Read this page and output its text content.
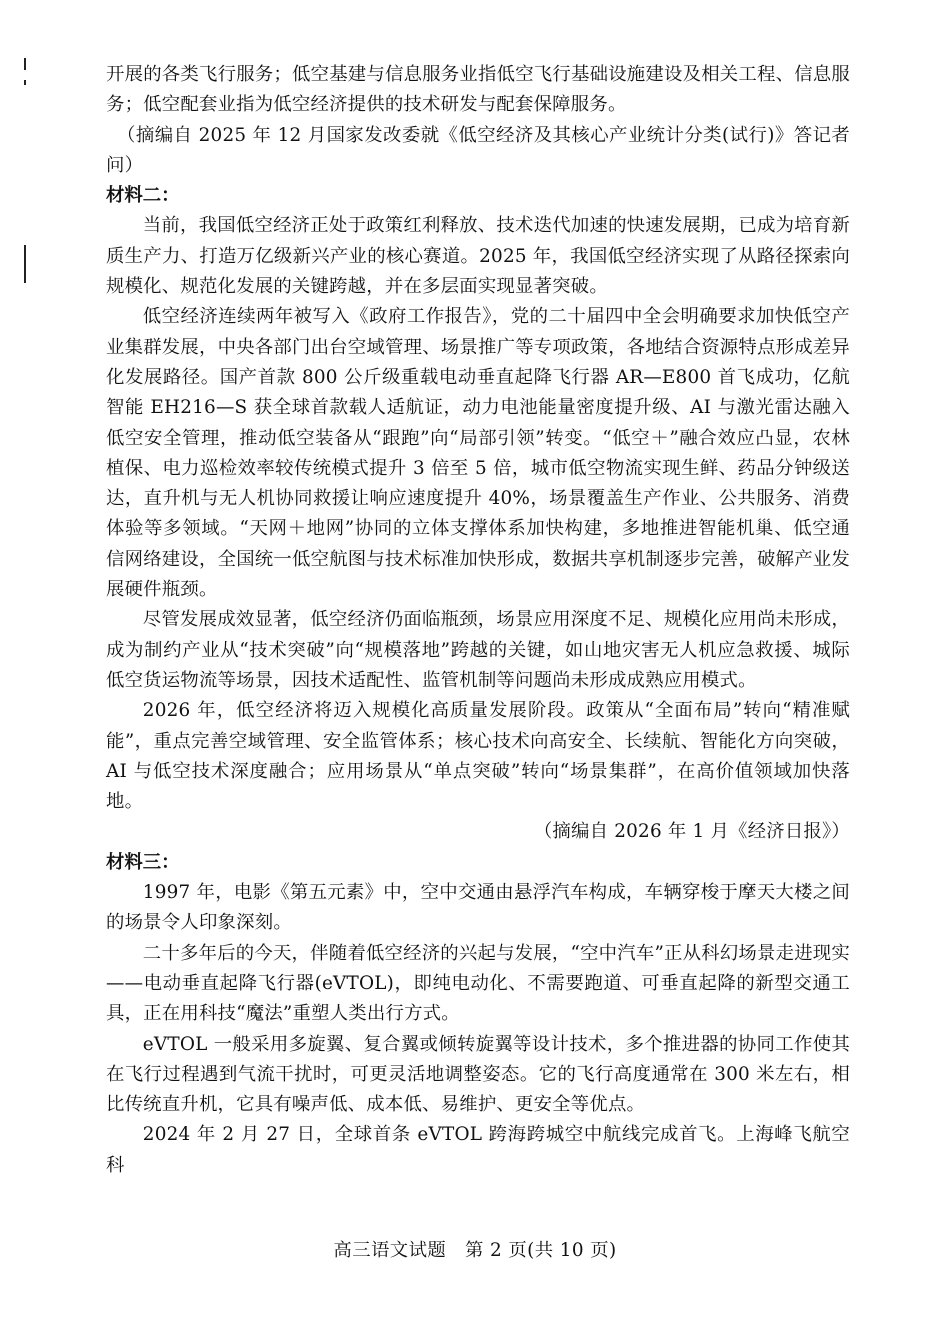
开展的各类飞行服务；低空基建与信息服务业指低空飞行基础设施建设及相关工程、信息服务；低空配套业指为低空经济提供的技术研发与配套保障服务。

（摘编自 2025 年 12 月国家发改委就《低空经济及其核心产业统计分类(试行)》答记者问）

材料二：

当前，我国低空经济正处于政策红利释放、技术迭代加速的快速发展期，已成为培育新质生产力、打造万亿级新兴产业的核心赛道。2025 年，我国低空经济实现了从路径探索向规模化、规范化发展的关键跨越，并在多层面实现显著突破。

低空经济连续两年被写入《政府工作报告》，党的二十届四中全会明确要求加快低空产业集群发展，中央各部门出台空域管理、场景推广等专项政策，各地结合资源特点形成差异化发展路径。国产首款 800 公斤级重载电动垂直起降飞行器 AR—E800 首飞成功，亿航智能 EH216—S 获全球首款载人适航证，动力电池能量密度提升级、AI 与激光雷达融入低空安全管理，推动低空装备从“跟跑”向“局部引领”转变。“低空＋”融合效应凸显，农林植保、电力巡检效率较传统模式提升 3 倍至 5 倍，城市低空物流实现生鲜、药品分钟级送达，直升机与无人机协同救援让响应速度提升 40%，场景覆盖生产作业、公共服务、消费体验等多领域。“天网＋地网”协同的立体支撑体系加快构建，多地推进智能机巢、低空通信网络建设，全国统一低空航图与技术标准加快形成，数据共享机制逐步完善，破解产业发展硬件瓶颈。

尽管发展成效显著，低空经济仍面临瓶颈，场景应用深度不足、规模化应用尚未形成，成为制约产业从“技术突破”向“规模落地”跨越的关键，如山地灾害无人机应急救援、城际低空货运物流等场景，因技术适配性、监管机制等问题尚未形成成熟应用模式。

2026 年，低空经济将迈入规模化高质量发展阶段。政策从“全面布局”转向“精准赋能”，重点完善空域管理、安全监管体系；核心技术向高安全、长续航、智能化方向突破，AI 与低空技术深度融合；应用场景从“单点突破”转向“场景集群”，在高价值领域加快落地。

（摘编自 2026 年 1 月《经济日报》）

材料三：

1997 年，电影《第五元素》中，空中交通由悬浮汽车构成，车辆穿梭于摩天大楼之间的场景令人印象深刻。

二十多年后的今天，伴随着低空经济的兴起与发展，“空中汽车”正从科幻场景走进现实——电动垂直起降飞行器(eVTOL)，即纯电动化、不需要跑道、可垂直起降的新型交通工具，正在用科技“魔法”重塑人类出行方式。

eVTOL 一般采用多旋翼、复合翼或倾转旋翼等设计技术，多个推进器的协同工作使其在飞行过程遇到气流干扰时，可更灵活地调整姿态。它的飞行高度通常在 300 米左右，相比传统直升机，它具有噪声低、成本低、易维护、更安全等优点。

2024 年 2 月 27 日，全球首条 eVTOL 跨海跨城空中航线完成首飞。上海峰飞航空科

高三语文试题　第 2 页(共 10 页)
